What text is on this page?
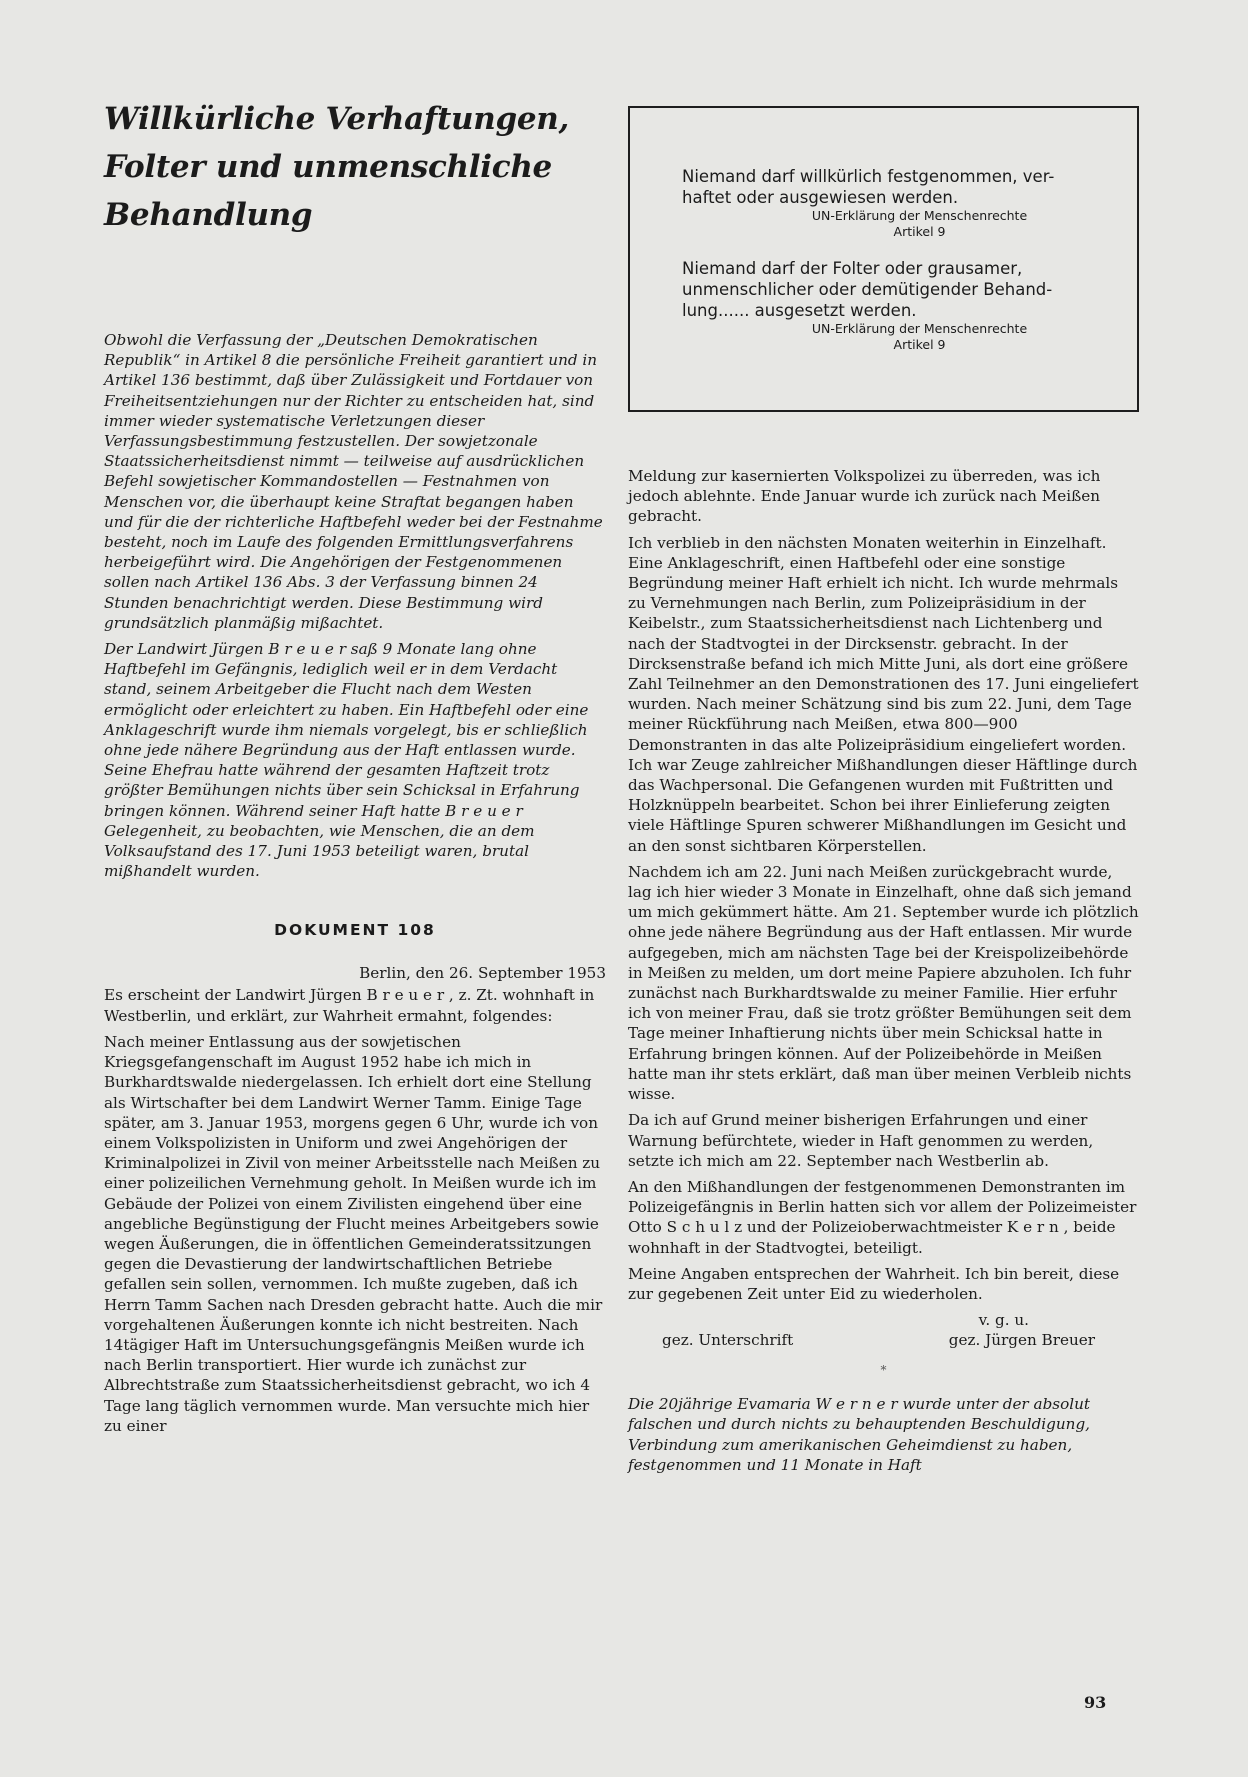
Willkürliche Verhaftungen,
Folter und unmenschliche
Behandlung
Niemand darf willkürlich festgenommen, ver-
haftet oder ausgewiesen werden.
UN-Erklärung der Menschenrechte
Artikel 9
Niemand darf der Folter oder grausamer,
unmenschlicher oder demütigender Behand-
lung...... ausgesetzt werden.
UN-Erklärung der Menschenrechte
Artikel 9

Obwohl die Verfassung der „Deutschen Demokratischen Republik“ in Artikel 8 die persönliche Freiheit garantiert und in Artikel 136 bestimmt, daß über Zulässigkeit und Fortdauer von Freiheitsentziehungen nur der Richter zu entscheiden hat, sind immer wieder systematische Verletzungen dieser Verfassungsbestimmung festzustellen. Der sowjetzonale Staatssicherheitsdienst nimmt — teilweise auf ausdrücklichen Befehl sowjetischer Kommandostellen — Festnahmen von Menschen vor, die überhaupt keine Straftat begangen haben und für die der richterliche Haftbefehl weder bei der Festnahme besteht, noch im Laufe des folgenden Ermittlungsverfahrens herbeigeführt wird. Die Angehörigen der Festgenommenen sollen nach Artikel 136 Abs. 3 der Verfassung binnen 24 Stunden benachrichtigt werden. Diese Bestimmung wird grundsätzlich planmäßig mißachtet.

Der Landwirt Jürgen B r e u e r saß 9 Monate lang ohne Haftbefehl im Gefängnis, lediglich weil er in dem Verdacht stand, seinem Arbeitgeber die Flucht nach dem Westen ermöglicht oder erleichtert zu haben. Ein Haftbefehl oder eine Anklageschrift wurde ihm niemals vorgelegt, bis er schließlich ohne jede nähere Begründung aus der Haft entlassen wurde. Seine Ehefrau hatte während der gesamten Haftzeit trotz größter Bemühungen nichts über sein Schicksal in Erfahrung bringen können. Während seiner Haft hatte B r e u e r Gelegenheit, zu beobachten, wie Menschen, die an dem Volksaufstand des 17. Juni 1953 beteiligt waren, brutal mißhandelt wurden.

DOKUMENT 108
Berlin, den 26. September 1953

Es erscheint der Landwirt Jürgen B r e u e r , z. Zt. wohnhaft in Westberlin, und erklärt, zur Wahrheit ermahnt, folgendes:

Nach meiner Entlassung aus der sowjetischen Kriegsgefangenschaft im August 1952 habe ich mich in Burkhardtswalde niedergelassen. Ich erhielt dort eine Stellung als Wirtschafter bei dem Landwirt Werner Tamm. Einige Tage später, am 3. Januar 1953, morgens gegen 6 Uhr, wurde ich von einem Volkspolizisten in Uniform und zwei Angehörigen der Kriminalpolizei in Zivil von meiner Arbeitsstelle nach Meißen zu einer polizeilichen Vernehmung geholt. In Meißen wurde ich im Gebäude der Polizei von einem Zivilisten eingehend über eine angebliche Begünstigung der Flucht meines Arbeitgebers sowie wegen Äußerungen, die in öffentlichen Gemeinderatssitzungen gegen die Devastierung der landwirtschaftlichen Betriebe gefallen sein sollen, vernommen. Ich mußte zugeben, daß ich Herrn Tamm Sachen nach Dresden gebracht hatte. Auch die mir vorgehaltenen Äußerungen konnte ich nicht bestreiten. Nach 14tägiger Haft im Untersuchungsgefängnis Meißen wurde ich nach Berlin transportiert. Hier wurde ich zunächst zur Albrechtstraße zum Staatssicherheitsdienst gebracht, wo ich 4 Tage lang täglich vernommen wurde. Man versuchte mich hier zu einer

Meldung zur kasernierten Volkspolizei zu überreden, was ich jedoch ablehnte. Ende Januar wurde ich zurück nach Meißen gebracht.

Ich verblieb in den nächsten Monaten weiterhin in Einzelhaft. Eine Anklageschrift, einen Haftbefehl oder eine sonstige Begründung meiner Haft erhielt ich nicht. Ich wurde mehrmals zu Vernehmungen nach Berlin, zum Polizeipräsidium in der Keibelstr., zum Staatssicherheitsdienst nach Lichtenberg und nach der Stadtvogtei in der Dircksenstr. gebracht. In der Dircksenstraße befand ich mich Mitte Juni, als dort eine größere Zahl Teilnehmer an den Demonstrationen des 17. Juni eingeliefert wurden. Nach meiner Schätzung sind bis zum 22. Juni, dem Tage meiner Rückführung nach Meißen, etwa 800—900 Demonstranten in das alte Polizeipräsidium eingeliefert worden. Ich war Zeuge zahlreicher Mißhandlungen dieser Häftlinge durch das Wachpersonal. Die Gefangenen wurden mit Fußtritten und Holzknüppeln bearbeitet. Schon bei ihrer Einlieferung zeigten viele Häftlinge Spuren schwerer Mißhandlungen im Gesicht und an den sonst sichtbaren Körperstellen.

Nachdem ich am 22. Juni nach Meißen zurückgebracht wurde, lag ich hier wieder 3 Monate in Einzelhaft, ohne daß sich jemand um mich gekümmert hätte. Am 21. September wurde ich plötzlich ohne jede nähere Begründung aus der Haft entlassen. Mir wurde aufgegeben, mich am nächsten Tage bei der Kreispolizeibehörde in Meißen zu melden, um dort meine Papiere abzuholen. Ich fuhr zunächst nach Burkhardtswalde zu meiner Familie. Hier erfuhr ich von meiner Frau, daß sie trotz größter Bemühungen seit dem Tage meiner Inhaftierung nichts über mein Schicksal hatte in Erfahrung bringen können. Auf der Polizeibehörde in Meißen hatte man ihr stets erklärt, daß man über meinen Verbleib nichts wisse.

Da ich auf Grund meiner bisherigen Erfahrungen und einer Warnung befürchtete, wieder in Haft genommen zu werden, setzte ich mich am 22. September nach Westberlin ab.

An den Mißhandlungen der festgenommenen Demonstranten im Polizeigefängnis in Berlin hatten sich vor allem der Polizeimeister Otto S c h u l z und der Polizeioberwachtmeister K e r n , beide wohnhaft in der Stadtvogtei, beteiligt.

Meine Angaben entsprechen der Wahrheit. Ich bin bereit, diese zur gegebenen Zeit unter Eid zu wiederholen.

v. g. u.
gez. Unterschrift	gez. Jürgen Breuer
*

Die 20jährige Evamaria W e r n e r wurde unter der absolut falschen und durch nichts zu behauptenden Beschuldigung, Verbindung zum amerikanischen Geheimdienst zu haben, festgenommen und 11 Monate in Haft

93
